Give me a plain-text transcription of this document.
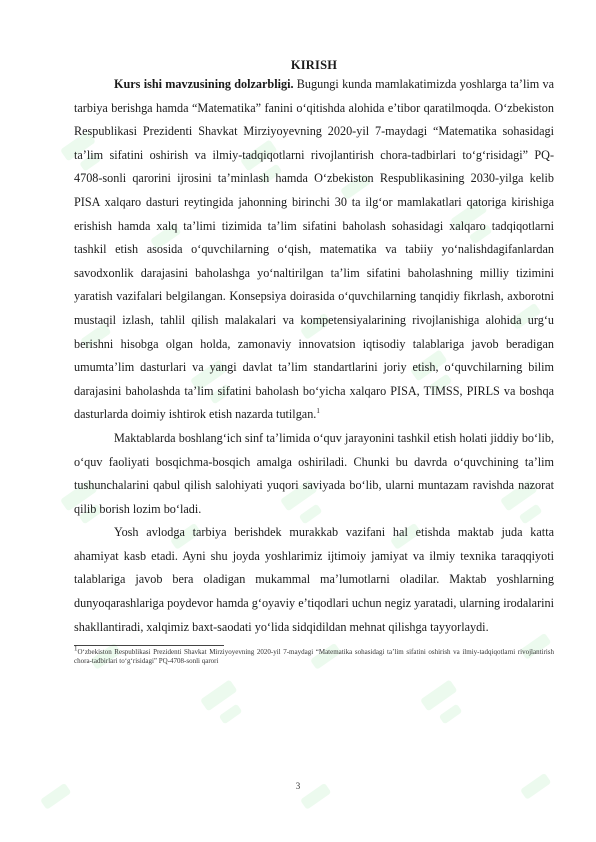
KIRISH

Kurs ishi mavzusining dolzarbligi. Bugungi kunda mamlakatimizda yoshlarga ta’lim va tarbiya berishga hamda “Matematika” fanini o‘qitishda alohida e’tibor qaratilmoqda. O‘zbekiston Respublikasi Prezidenti Shavkat Mirziyoyevning 2020-yil 7-maydagi “Matematika sohasidagi ta’lim sifatini oshirish va ilmiy-tadqiqotlarni rivojlantirish chora-tadbirlari to‘g‘risidagi” PQ-4708-sonli qarorini ijrosini ta’minlash hamda O‘zbekiston Respublikasining 2030-yilga kelib PISA xalqaro dasturi reytingida jahonning birinchi 30 ta ilg‘or mamlakatlari qatoriga kirishiga erishish hamda xalq ta’limi tizimida ta’lim sifatini baholash sohasidagi xalqaro tadqiqotlarni tashkil etish asosida o‘quvchilarning o‘qish, matematika va tabiiy yo‘nalishdagifanlardan savodxonlik darajasini baholashga yo‘naltirilgan ta’lim sifatini baholashning milliy tizimini yaratish vazifalari belgilangan. Konsepsiya doirasida o‘quvchilarning tanqidiy fikrlash, axborotni mustaqil izlash, tahlil qilish malakalari va kompetensiyalarining rivojlanishiga alohida urg‘u berishni hisobga olgan holda, zamonaviy innovatsion iqtisodiy talablariga javob beradigan umumta’lim dasturlari va yangi davlat ta’lim standartlarini joriy etish, o‘quvchilarning bilim darajasini baholashda ta’lim sifatini baholash bo‘yicha xalqaro PISA, TIMSS, PIRLS va boshqa dasturlarda doimiy ishtirok etish nazarda tutilgan.$^1$

Maktablarda boshlang‘ich sinf ta’limida o‘quv jarayonini tashkil etish holati jiddiy bo‘lib, o‘quv faoliyati bosqichma-bosqich amalga oshiriladi. Chunki bu davrda o‘quvchining ta’lim tushunchalarini qabul qilish salohiyati yuqori saviyada bo‘lib, ularni muntazam ravishda nazorat qilib borish lozim bo‘ladi.

Yosh avlodga tarbiya berishdek murakkab vazifani hal etishda maktab juda katta ahamiyat kasb etadi. Ayni shu joyda yoshlarimiz ijtimoiy jamiyat va ilmiy texnika taraqqiyoti talablariga javob bera oladigan mukammal ma’lumotlarni oladilar. Maktab yoshlarning dunyoqarashlariga poydevor hamda g‘oyaviy e’tiqodlari uchun negiz yaratadi, ularning irodalarini shakllantiradi, xalqimiz baxt-saodati yo‘lida sidqidildan mehnat qilishga tayyorlaydi.

$^1$O‘zbekiston Respublikasi Prezidenti Shavkat Mirziyoyevning 2020-yil 7-maydagi “Matematika sohasidagi ta’lim sifatini oshirish va ilmiy-tadqiqotlarni rivojlantirish chora-tadbirlari to‘g‘risidagi” PQ-4708-sonli qarori
3
